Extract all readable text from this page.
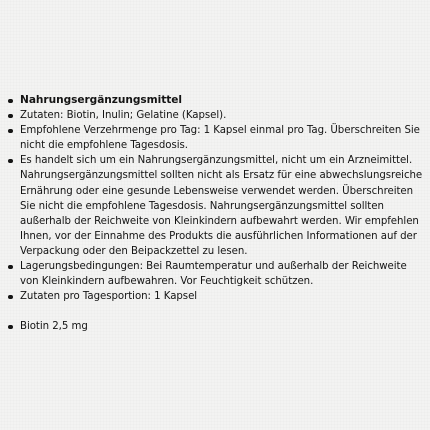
Nahrungsergänzungsmittel
Zutaten: Biotin, Inulin; Gelatine (Kapsel).
Empfohlene Verzehrmenge pro Tag: 1 Kapsel einmal pro Tag. Überschreiten Sie nicht die empfohlene Tagesdosis.
Es handelt sich um ein Nahrungsergänzungsmittel, nicht um ein Arzneimittel. Nahrungsergänzungsmittel sollten nicht als Ersatz für eine abwechslungsreiche Ernährung oder eine gesunde Lebensweise verwendet werden. Überschreiten Sie nicht die empfohlene Tagesdosis. Nahrungsergänzungsmittel sollten außerhalb der Reichweite von Kleinkindern aufbewahrt werden. Wir empfehlen Ihnen, vor der Einnahme des Produkts die ausführlichen Informationen auf der Verpackung oder den Beipackzettel zu lesen.
Lagerungsbedingungen: Bei Raumtemperatur und außerhalb der Reichweite von Kleinkindern aufbewahren. Vor Feuchtigkeit schützen.
Zutaten pro Tagesportion: 1 Kapsel
Biotin 2,5 mg
